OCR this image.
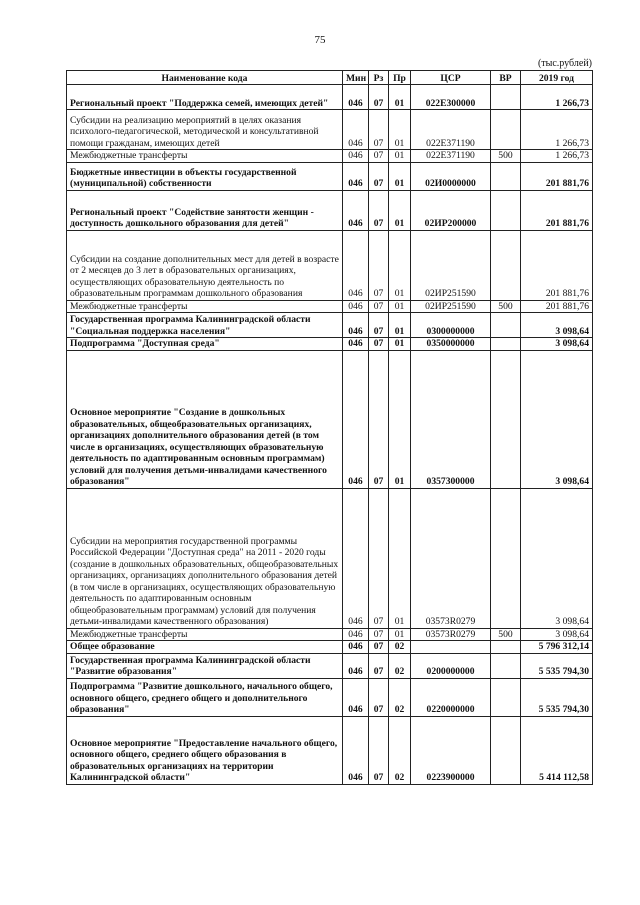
75
(тыс.рублей)
Наименование кода	Мин	Рз	Пр	ЦСР	ВР	2019 год
Региональный проект "Поддержка семей, имеющих детей"	046	07	01	022Е300000		1 266,73
Субсидии на реализацию мероприятий в целях оказания психолого-педагогической, методической и консультативной помощи гражданам, имеющих детей	046	07	01	022Е371190		1 266,73
Межбюджетные трансферты	046	07	01	022Е371190	500	1 266,73
Бюджетные инвестиции в объекты государственной (муниципальной) собственности	046	07	01	02И0000000		201 881,76
Региональный проект "Содействие занятости женщин - доступность дошкольного образования для детей"	046	07	01	02ИР200000		201 881,76
Субсидии на создание дополнительных мест для детей в возрасте от 2 месяцев до 3 лет в образовательных организациях, осуществляющих образовательную деятельность по образовательным программам дошкольного образования	046	07	01	02ИР251590		201 881,76
Межбюджетные трансферты	046	07	01	02ИР251590	500	201 881,76
Государственная программа Калининградской области "Социальная поддержка населения"	046	07	01	0300000000		3 098,64
Подпрограмма "Доступная среда"	046	07	01	0350000000		3 098,64
Основное мероприятие "Создание в дошкольных образовательных, общеобразовательных организациях, организациях дополнительного образования детей (в том числе в организациях, осуществляющих образовательную деятельность по адаптированным основным программам) условий для получения детьми-инвалидами качественного образования"	046	07	01	0357300000		3 098,64
Субсидии на мероприятия государственной программы Российской Федерации "Доступная среда" на 2011 - 2020 годы (создание в дошкольных образовательных, общеобразовательных организациях, организациях дополнительного образования детей (в том числе в организациях, осуществляющих образовательную деятельность по адаптированным основным общеобразовательным программам) условий для получения детьми-инвалидами качественного образования)	046	07	01	03573R0279		3 098,64
Межбюджетные трансферты	046	07	01	03573R0279	500	3 098,64
Общее образование	046	07	02			5 796 312,14
Государственная программа Калининградской области "Развитие образования"	046	07	02	0200000000		5 535 794,30
Подпрограмма "Развитие дошкольного, начального общего, основного общего, среднего общего и дополнительного образования"	046	07	02	0220000000		5 535 794,30
Основное мероприятие "Предоставление начального общего, основного общего, среднего общего образования в образовательных организациях на территории Калининградской области"	046	07	02	0223900000		5 414 112,58
